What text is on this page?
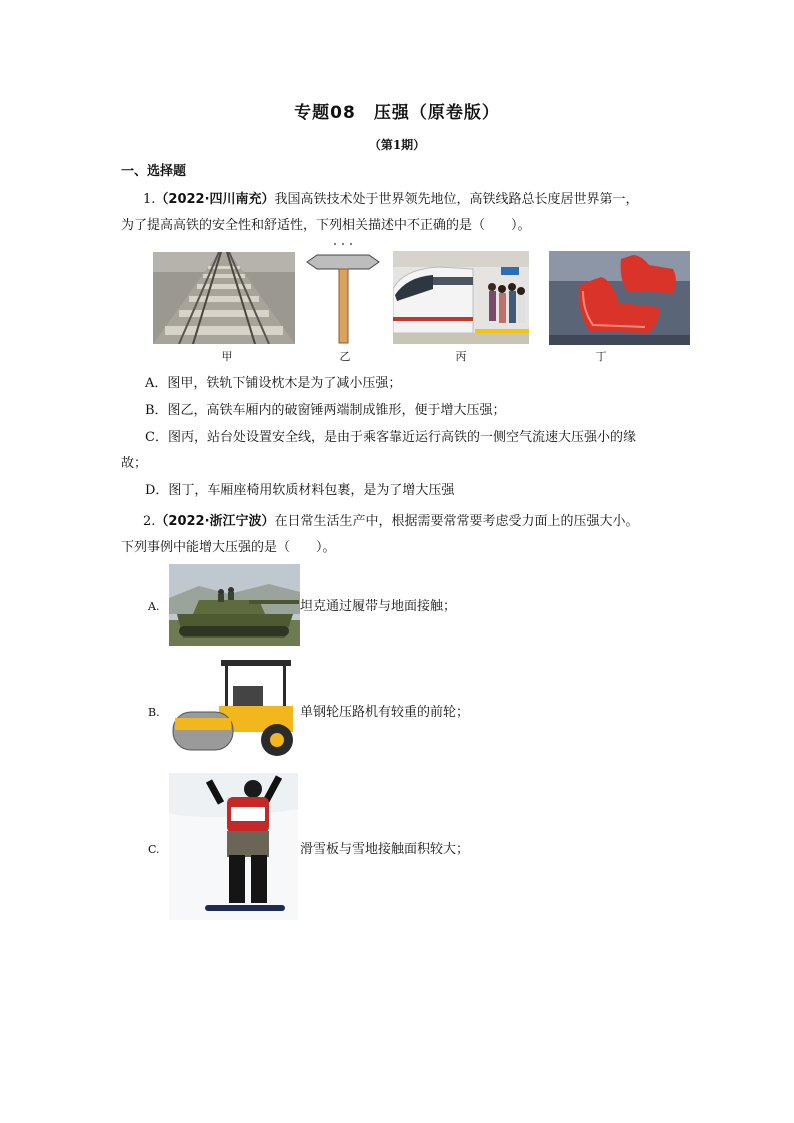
专题08　压强（原卷版）
（第1期）
一、选择题
1.（2022·四川南充）我国高铁技术处于世界领先地位，高铁线路总长度居世界第一，
为了提高高铁的安全性和舒适性，下列相关描述中不正确的是（　　）。
甲	乙	丙	丁
A．图甲，铁轨下铺设枕木是为了减小压强；
B．图乙，高铁车厢内的破窗锤两端制成锥形，便于增大压强；
C．图丙，站台处设置安全线，是由于乘客靠近运行高铁的一侧空气流速大压强小的缘
故；
D．图丁，车厢座椅用软质材料包裹，是为了增大压强
2.（2022·浙江宁波）在日常生活生产中，根据需要常常要考虑受力面上的压强大小。
下列事例中能增大压强的是（　　）。
A.	坦克通过履带与地面接触；
B.	单钢轮压路机有较重的前轮；
C.	滑雪板与雪地接触面积较大；
